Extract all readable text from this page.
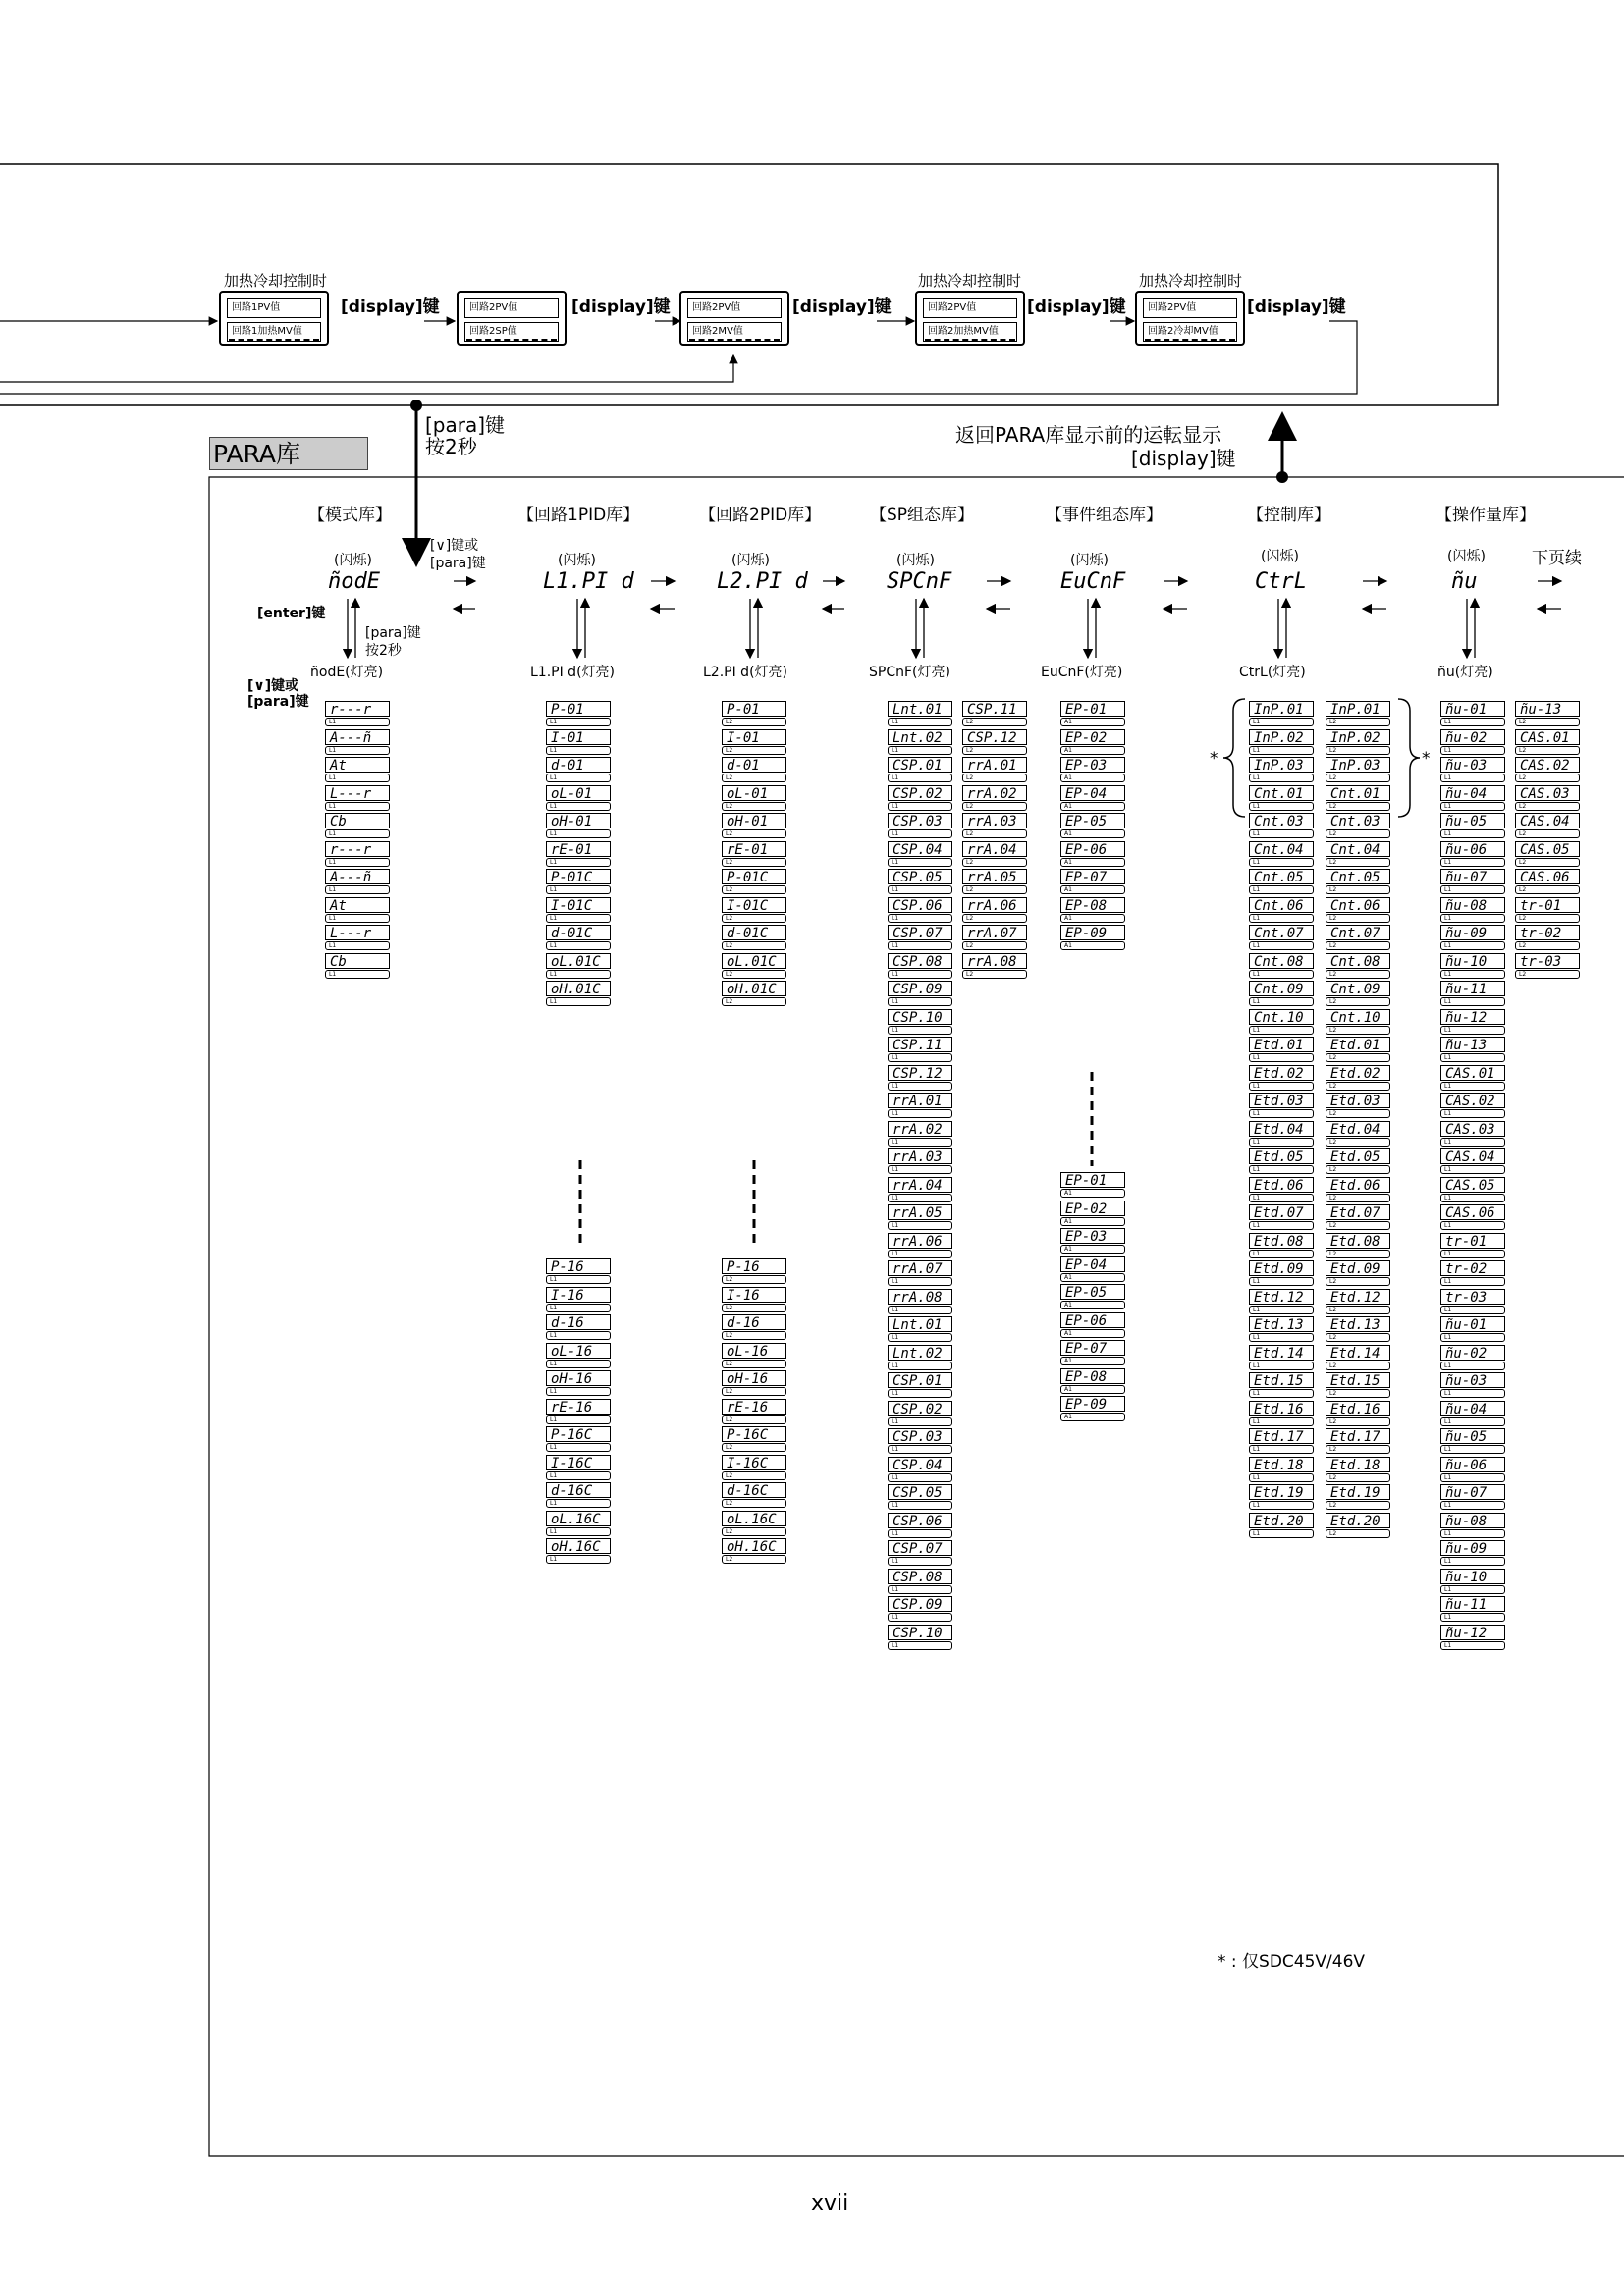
加热冷却控制时	加热冷却控制时	加热冷却控制时
回路1PV值
回路1加热MV值
[display]键	回路2PV值
回路2SP值
[display]键	回路2PV值
回路2MV值
[display]键	回路2PV值
回路2加热MV值
[display]键	回路2PV值
回路2冷却MV值
[display]键
[para]键
按2秒	返回PARA库显示前的运転显示
[display]键
PARA库
【模式库】	【回路1PID库】	【回路2PID库】	【SP组态库】	【事件组态库】	【控制库】	【操作量库】
(闪烁)
ñodE
(闪烁)
L1.PI d
(闪烁)
L2.PI d
(闪烁)
SPCnF
(闪烁)
EuCnF
(闪烁)
CtrL
(闪烁)
ñu
下页续
[∨]键或
[para]键
[enter]键
[para]键
按2秒
[∨]键或
[para]键
ñodE(灯亮)	L1.PI d(灯亮)	L2.PI d(灯亮)	SPCnF(灯亮)	EuCnF(灯亮)	CtrL(灯亮)	ñu(灯亮)
*	*
* : 仅SDC45V/46V
xvii
r---r
L1
A---ñ
L1
At
L1
L---r
L1
Cb
L1
r---r
L1
A---ñ
L1
At
L1
L---r
L1
Cb
L1
P-01
L1
I-01
L1
d-01
L1
oL-01
L1
oH-01
L1
rE-01
L1
P-01C
L1
I-01C
L1
d-01C
L1
oL.01C
L1
oH.01C
L1
P-16
L1
I-16
L1
d-16
L1
oL-16
L1
oH-16
L1
rE-16
L1
P-16C
L1
I-16C
L1
d-16C
L1
oL.16C
L1
oH.16C
L1
P-01
L2
I-01
L2
d-01
L2
oL-01
L2
oH-01
L2
rE-01
L2
P-01C
L2
I-01C
L2
d-01C
L2
oL.01C
L2
oH.01C
L2
P-16
L2
I-16
L2
d-16
L2
oL-16
L2
oH-16
L2
rE-16
L2
P-16C
L2
I-16C
L2
d-16C
L2
oL.16C
L2
oH.16C
L2
Lnt.01
L1
Lnt.02
L1
CSP.01
L1
CSP.02
L1
CSP.03
L1
CSP.04
L1
CSP.05
L1
CSP.06
L1
CSP.07
L1
CSP.08
L1
CSP.09
L1
CSP.10
L1
CSP.11
L1
CSP.12
L1
rrA.01
L1
rrA.02
L1
rrA.03
L1
rrA.04
L1
rrA.05
L1
rrA.06
L1
rrA.07
L1
rrA.08
L1
Lnt.01
L1
Lnt.02
L1
CSP.01
L1
CSP.02
L1
CSP.03
L1
CSP.04
L1
CSP.05
L1
CSP.06
L1
CSP.07
L1
CSP.08
L1
CSP.09
L1
CSP.10
L1
CSP.11
L2
CSP.12
L2
rrA.01
L2
rrA.02
L2
rrA.03
L2
rrA.04
L2
rrA.05
L2
rrA.06
L2
rrA.07
L2
rrA.08
L2
EP-01
A1
EP-02
A1
EP-03
A1
EP-04
A1
EP-05
A1
EP-06
A1
EP-07
A1
EP-08
A1
EP-09
A1
EP-01
A1
EP-02
A1
EP-03
A1
EP-04
A1
EP-05
A1
EP-06
A1
EP-07
A1
EP-08
A1
EP-09
A1
InP.01
L1
InP.02
L1
InP.03
L1
Cnt.01
L1
Cnt.03
L1
Cnt.04
L1
Cnt.05
L1
Cnt.06
L1
Cnt.07
L1
Cnt.08
L1
Cnt.09
L1
Cnt.10
L1
Etd.01
L1
Etd.02
L1
Etd.03
L1
Etd.04
L1
Etd.05
L1
Etd.06
L1
Etd.07
L1
Etd.08
L1
Etd.09
L1
Etd.12
L1
Etd.13
L1
Etd.14
L1
Etd.15
L1
Etd.16
L1
Etd.17
L1
Etd.18
L1
Etd.19
L1
Etd.20
L1
InP.01
L2
InP.02
L2
InP.03
L2
Cnt.01
L2
Cnt.03
L2
Cnt.04
L2
Cnt.05
L2
Cnt.06
L2
Cnt.07
L2
Cnt.08
L2
Cnt.09
L2
Cnt.10
L2
Etd.01
L2
Etd.02
L2
Etd.03
L2
Etd.04
L2
Etd.05
L2
Etd.06
L2
Etd.07
L2
Etd.08
L2
Etd.09
L2
Etd.12
L2
Etd.13
L2
Etd.14
L2
Etd.15
L2
Etd.16
L2
Etd.17
L2
Etd.18
L2
Etd.19
L2
Etd.20
L2
ñu-01
L1
ñu-02
L1
ñu-03
L1
ñu-04
L1
ñu-05
L1
ñu-06
L1
ñu-07
L1
ñu-08
L1
ñu-09
L1
ñu-10
L1
ñu-11
L1
ñu-12
L1
ñu-13
L1
CAS.01
L1
CAS.02
L1
CAS.03
L1
CAS.04
L1
CAS.05
L1
CAS.06
L1
tr-01
L1
tr-02
L1
tr-03
L1
ñu-01
L1
ñu-02
L1
ñu-03
L1
ñu-04
L1
ñu-05
L1
ñu-06
L1
ñu-07
L1
ñu-08
L1
ñu-09
L1
ñu-10
L1
ñu-11
L1
ñu-12
L1
ñu-13
L2
CAS.01
L2
CAS.02
L2
CAS.03
L2
CAS.04
L2
CAS.05
L2
CAS.06
L2
tr-01
L2
tr-02
L2
tr-03
L2
